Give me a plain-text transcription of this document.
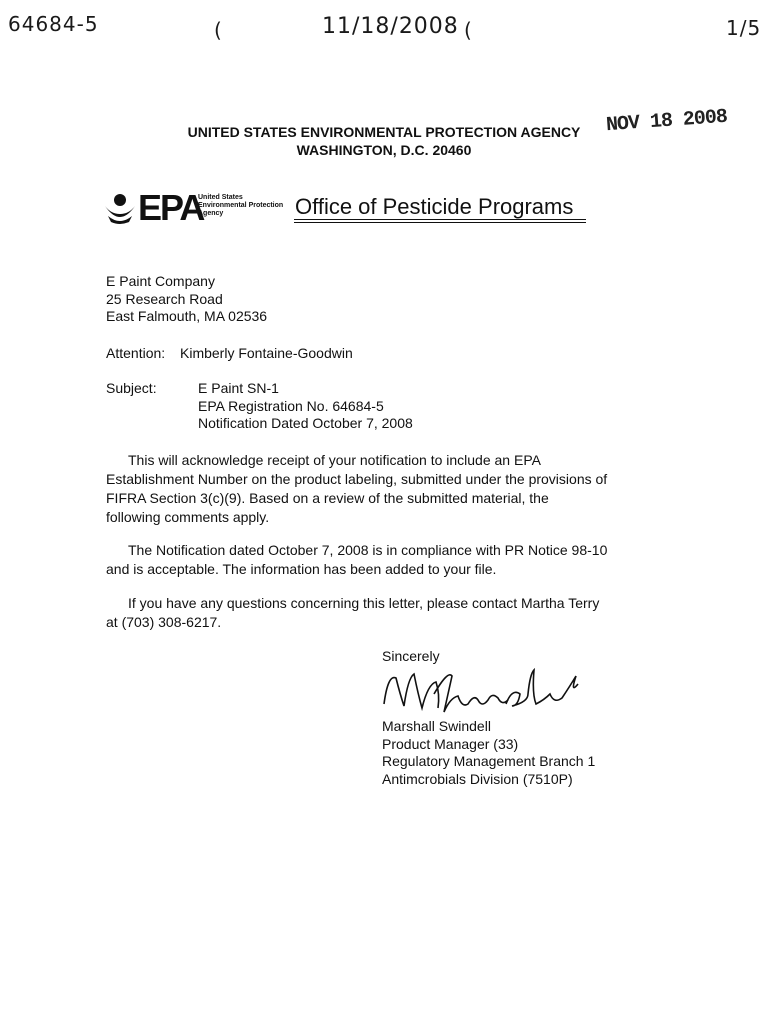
64684-5	(	11/18/2008 (	1/5
UNITED STATES ENVIRONMENTAL PROTECTION AGENCY
WASHINGTON, D.C. 20460
NOV 18 2008
EPA
United States
Environmental Protection
Agency	Office of Pesticide Programs
E Paint Company
25 Research Road
East Falmouth, MA 02536
Attention: Kimberly Fontaine-Goodwin
Subject:	E Paint SN-1
EPA Registration No. 64684-5
Notification Dated October 7, 2008
This will acknowledge receipt of your notification to include an EPA
Establishment Number on the product labeling, submitted under the provisions of
FIFRA Section 3(c)(9). Based on a review of the submitted material, the
following comments apply.
The Notification dated October 7, 2008 is in compliance with PR Notice 98-10
and is acceptable. The information has been added to your file.
If you have any questions concerning this letter, please contact Martha Terry
at (703) 308-6217.
Sincerely
Marshall Swindell
Product Manager (33)
Regulatory Management Branch 1
Antimcrobials Division (7510P)
